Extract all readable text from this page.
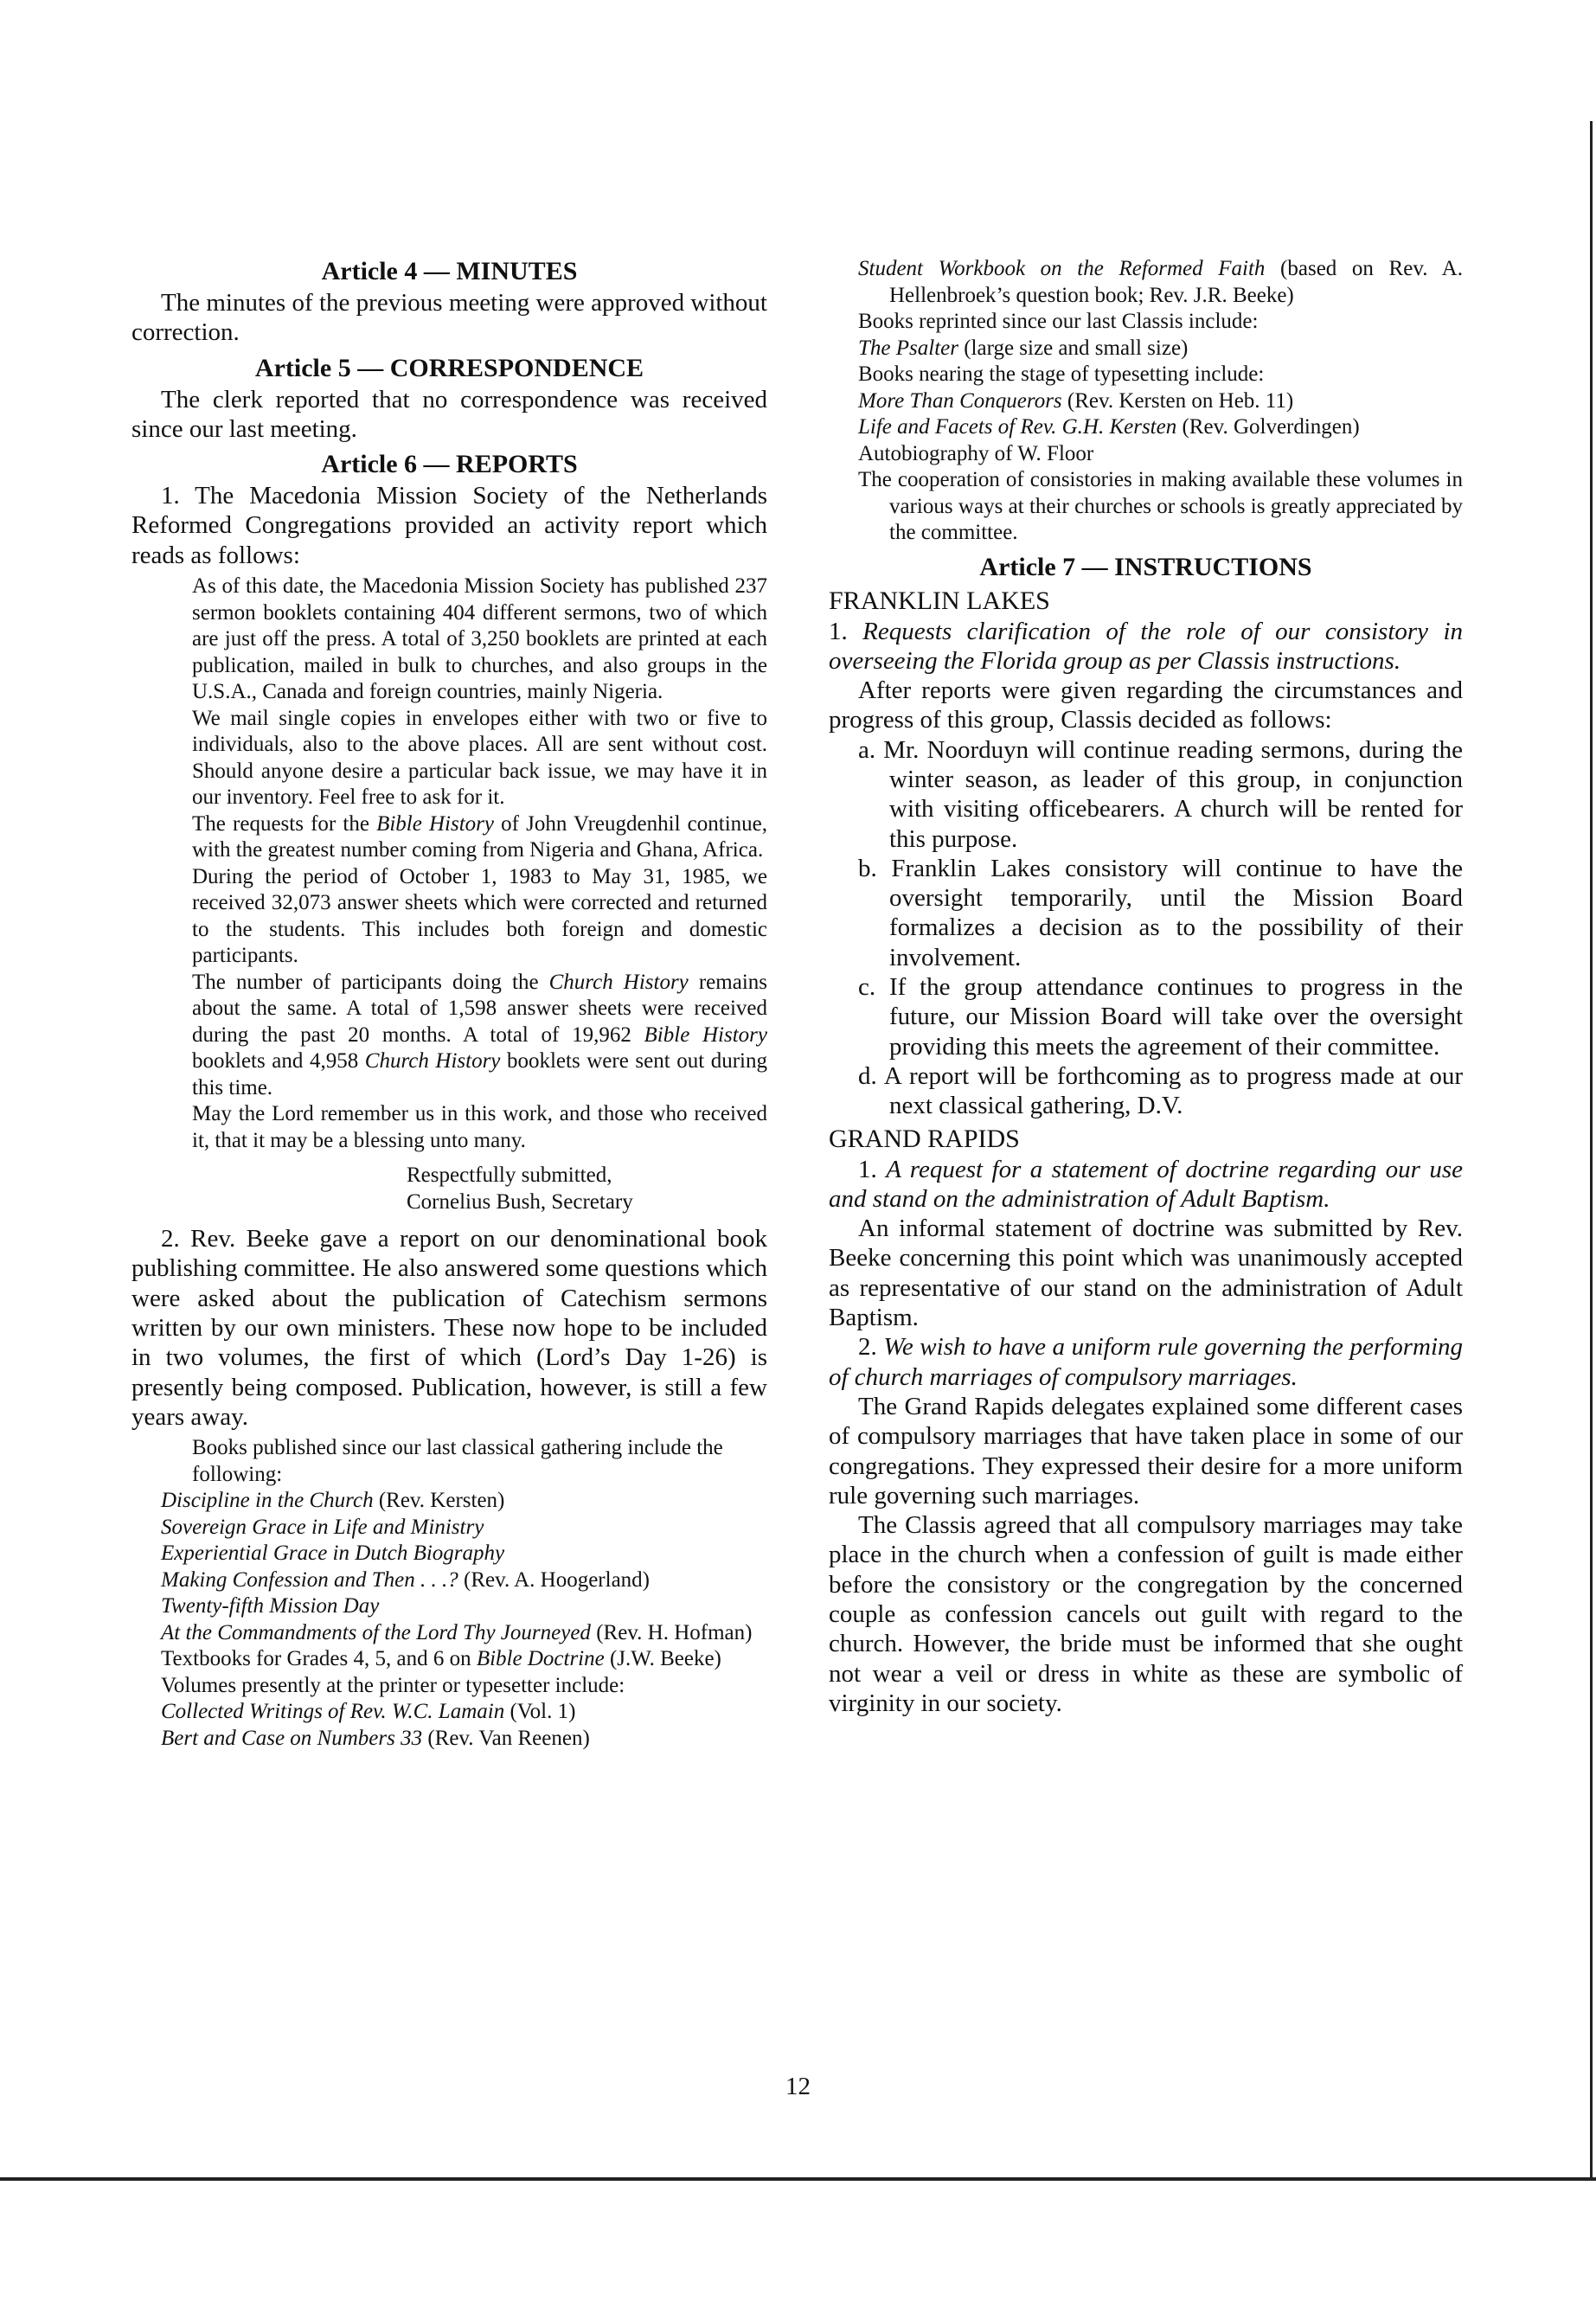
Article 4 — MINUTES

The minutes of the previous meeting were approved without correction.

Article 5 — CORRESPONDENCE

The clerk reported that no correspondence was received since our last meeting.

Article 6 — REPORTS

1. The Macedonia Mission Society of the Netherlands Reformed Congregations provided an activity report which reads as follows:

As of this date, the Macedonia Mission Society has published 237 sermon booklets containing 404 different sermons, two of which are just off the press. A total of 3,250 booklets are printed at each publication, mailed in bulk to churches, and also groups in the U.S.A., Canada and foreign countries, mainly Nigeria.

We mail single copies in envelopes either with two or five to individuals, also to the above places. All are sent without cost. Should anyone desire a particular back issue, we may have it in our inventory. Feel free to ask for it.

The requests for the Bible History of John Vreugdenhil continue, with the greatest number coming from Nigeria and Ghana, Africa.

During the period of October 1, 1983 to May 31, 1985, we received 32,073 answer sheets which were corrected and returned to the students. This includes both foreign and domestic participants.

The number of participants doing the Church History remains about the same. A total of 1,598 answer sheets were received during the past 20 months. A total of 19,962 Bible History booklets and 4,958 Church History booklets were sent out during this time.

May the Lord remember us in this work, and those who received it, that it may be a blessing unto many.

Respectfully submitted,

Cornelius Bush, Secretary

2. Rev. Beeke gave a report on our denominational book publishing committee. He also answered some questions which were asked about the publication of Catechism sermons written by our own ministers. These now hope to be included in two volumes, the first of which (Lord’s Day 1-26) is presently being composed. Publication, however, is still a few years away.

Books published since our last classical gathering include the following:

Discipline in the Church (Rev. Kersten)

Sovereign Grace in Life and Ministry

Experiential Grace in Dutch Biography

Making Confession and Then . . .? (Rev. A. Hoogerland)

Twenty-fifth Mission Day

At the Commandments of the Lord Thy Journeyed (Rev. H. Hofman)

Textbooks for Grades 4, 5, and 6 on Bible Doctrine (J.W. Beeke)

Volumes presently at the printer or typesetter include:

Collected Writings of Rev. W.C. Lamain (Vol. 1)

Bert and Case on Numbers 33 (Rev. Van Reenen)

Student Workbook on the Reformed Faith (based on Rev. A. Hellenbroek’s question book; Rev. J.R. Beeke)

Books reprinted since our last Classis include:

The Psalter (large size and small size)

Books nearing the stage of typesetting include:

More Than Conquerors (Rev. Kersten on Heb. 11)

Life and Facets of Rev. G.H. Kersten (Rev. Golverdingen)

Autobiography of W. Floor

The cooperation of consistories in making available these volumes in various ways at their churches or schools is greatly appreciated by the committee.

Article 7 — INSTRUCTIONS
FRANKLIN LAKES

1. Requests clarification of the role of our consistory in overseeing the Florida group as per Classis instructions.

After reports were given regarding the circumstances and progress of this group, Classis decided as follows:

a. Mr. Noorduyn will continue reading sermons, during the winter season, as leader of this group, in conjunction with visiting officebearers. A church will be rented for this purpose.

b. Franklin Lakes consistory will continue to have the oversight temporarily, until the Mission Board formalizes a decision as to the possibility of their involvement.

c. If the group attendance continues to progress in the future, our Mission Board will take over the oversight providing this meets the agreement of their committee.

d. A report will be forthcoming as to progress made at our next classical gathering, D.V.

GRAND RAPIDS

1. A request for a statement of doctrine regarding our use and stand on the administration of Adult Baptism.

An informal statement of doctrine was submitted by Rev. Beeke concerning this point which was unanimously accepted as representative of our stand on the administration of Adult Baptism.

2. We wish to have a uniform rule governing the performing of church marriages of compulsory marriages.

The Grand Rapids delegates explained some different cases of compulsory marriages that have taken place in some of our congregations. They expressed their desire for a more uniform rule governing such marriages.

The Classis agreed that all compulsory marriages may take place in the church when a confession of guilt is made either before the consistory or the congregation by the concerned couple as confession cancels out guilt with regard to the church. However, the bride must be informed that she ought not wear a veil or dress in white as these are symbolic of virginity in our society.

12
